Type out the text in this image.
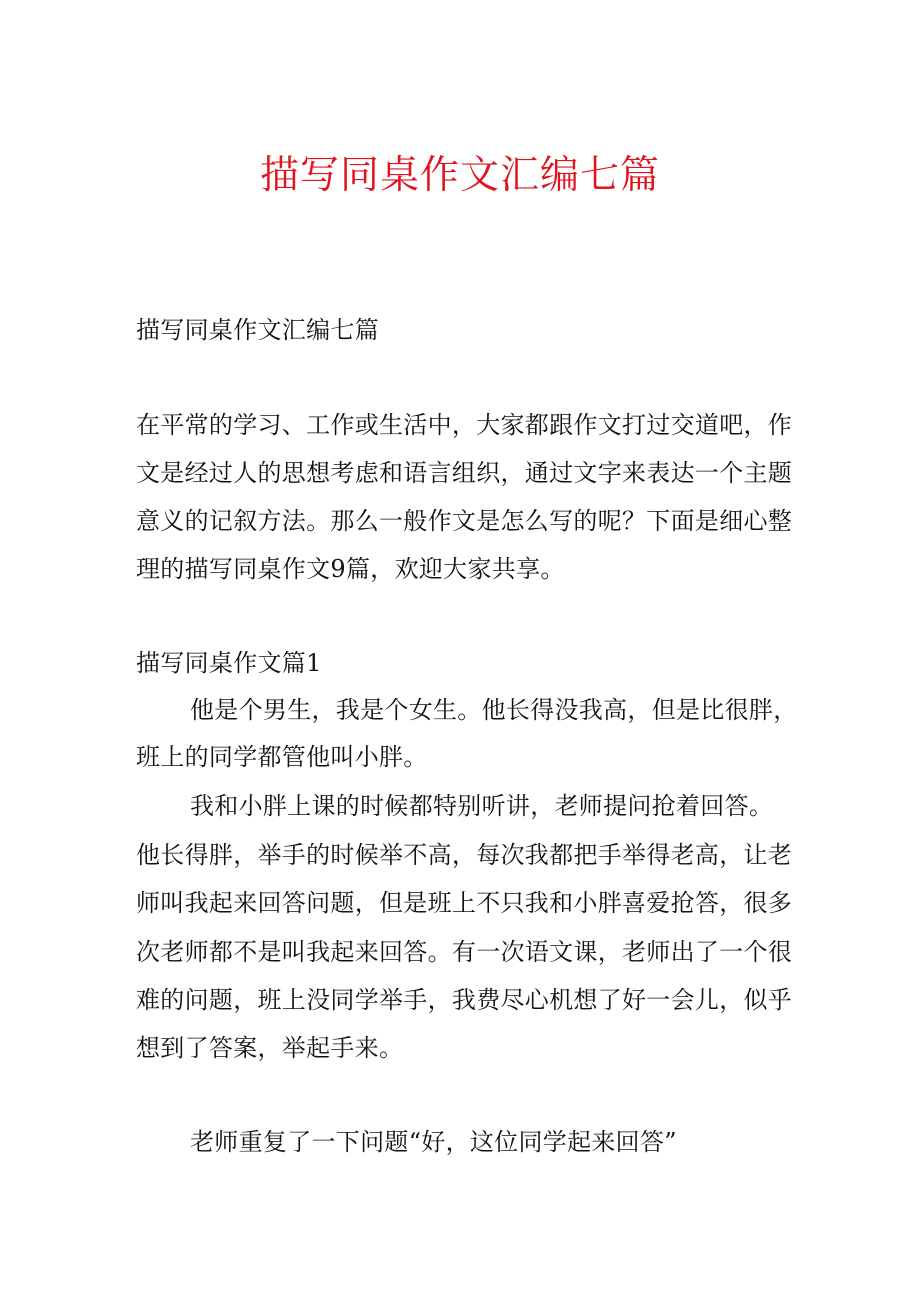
描写同桌作文汇编七篇

描写同桌作文汇编七篇

在平常的学习、工作或生活中，大家都跟作文打过交道吧，作

文是经过人的思想考虑和语言组织，通过文字来表达一个主题

意义的记叙方法。那么一般作文是怎么写的呢？下面是细心整

理的描写同桌作文9篇，欢迎大家共享。

描写同桌作文篇1

他是个男生，我是个女生。他长得没我高，但是比很胖，

班上的同学都管他叫小胖。

我和小胖上课的时候都特别听讲，老师提问抢着回答。

他长得胖，举手的时候举不高，每次我都把手举得老高，让老

师叫我起来回答问题，但是班上不只我和小胖喜爱抢答，很多

次老师都不是叫我起来回答。有一次语文课，老师出了一个很

难的问题，班上没同学举手，我费尽心机想了好一会儿，似乎

想到了答案，举起手来。

老师重复了一下问题“好，这位同学起来回答”
